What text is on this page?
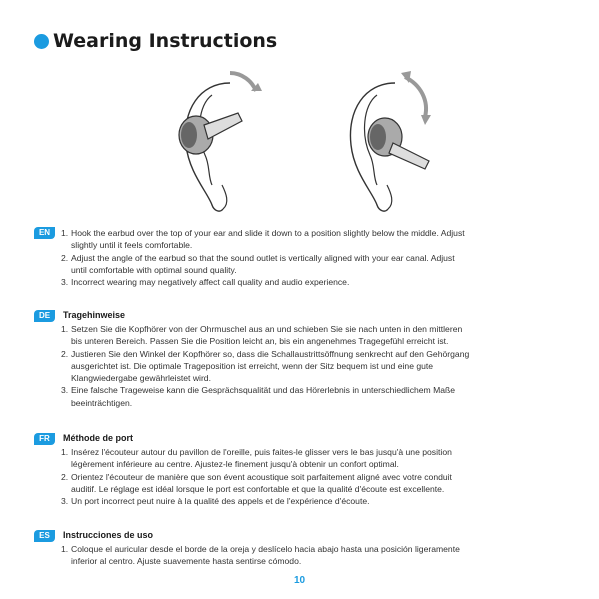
Wearing Instructions
EN	1. Hook the earbud over the top of your ear and slide it down to a position slightly below the middle. Adjust
slightly until it feels comfortable.
2. Adjust the angle of the earbud so that the sound outlet is vertically aligned with your ear canal. Adjust
until comfortable with optimal sound quality.
3. Incorrect wearing may negatively affect call quality and audio experience.
DE	Tragehinweise
1. Setzen Sie die Kopfhörer von der Ohrmuschel aus an und schieben Sie sie nach unten in den mittleren
bis unteren Bereich. Passen Sie die Position leicht an, bis ein angenehmes Tragegefühl erreicht ist.
2. Justieren Sie den Winkel der Kopfhörer so, dass die Schallaustrittsöffnung senkrecht auf den Gehörgang
ausgerichtet ist. Die optimale Trageposition ist erreicht, wenn der Sitz bequem ist und eine gute
Klangwiedergabe gewährleistet wird.
3. Eine falsche Trageweise kann die Gesprächsqualität und das Hörerlebnis in unterschiedlichem Maße
beeinträchtigen.
FR	Méthode de port
1. Insérez l'écouteur autour du pavillon de l'oreille, puis faites-le glisser vers le bas jusqu'à une position
légèrement inférieure au centre. Ajustez-le finement jusqu'à obtenir un confort optimal.
2. Orientez l'écouteur de manière que son évent acoustique soit parfaitement aligné avec votre conduit
auditif. Le réglage est idéal lorsque le port est confortable et que la qualité d'écoute est excellente.
3. Un port incorrect peut nuire à la qualité des appels et de l'expérience d'écoute.
ES	Instrucciones de uso
1. Coloque el auricular desde el borde de la oreja y deslícelo hacia abajo hasta una posición ligeramente
inferior al centro. Ajuste suavemente hasta sentirse cómodo.
10
